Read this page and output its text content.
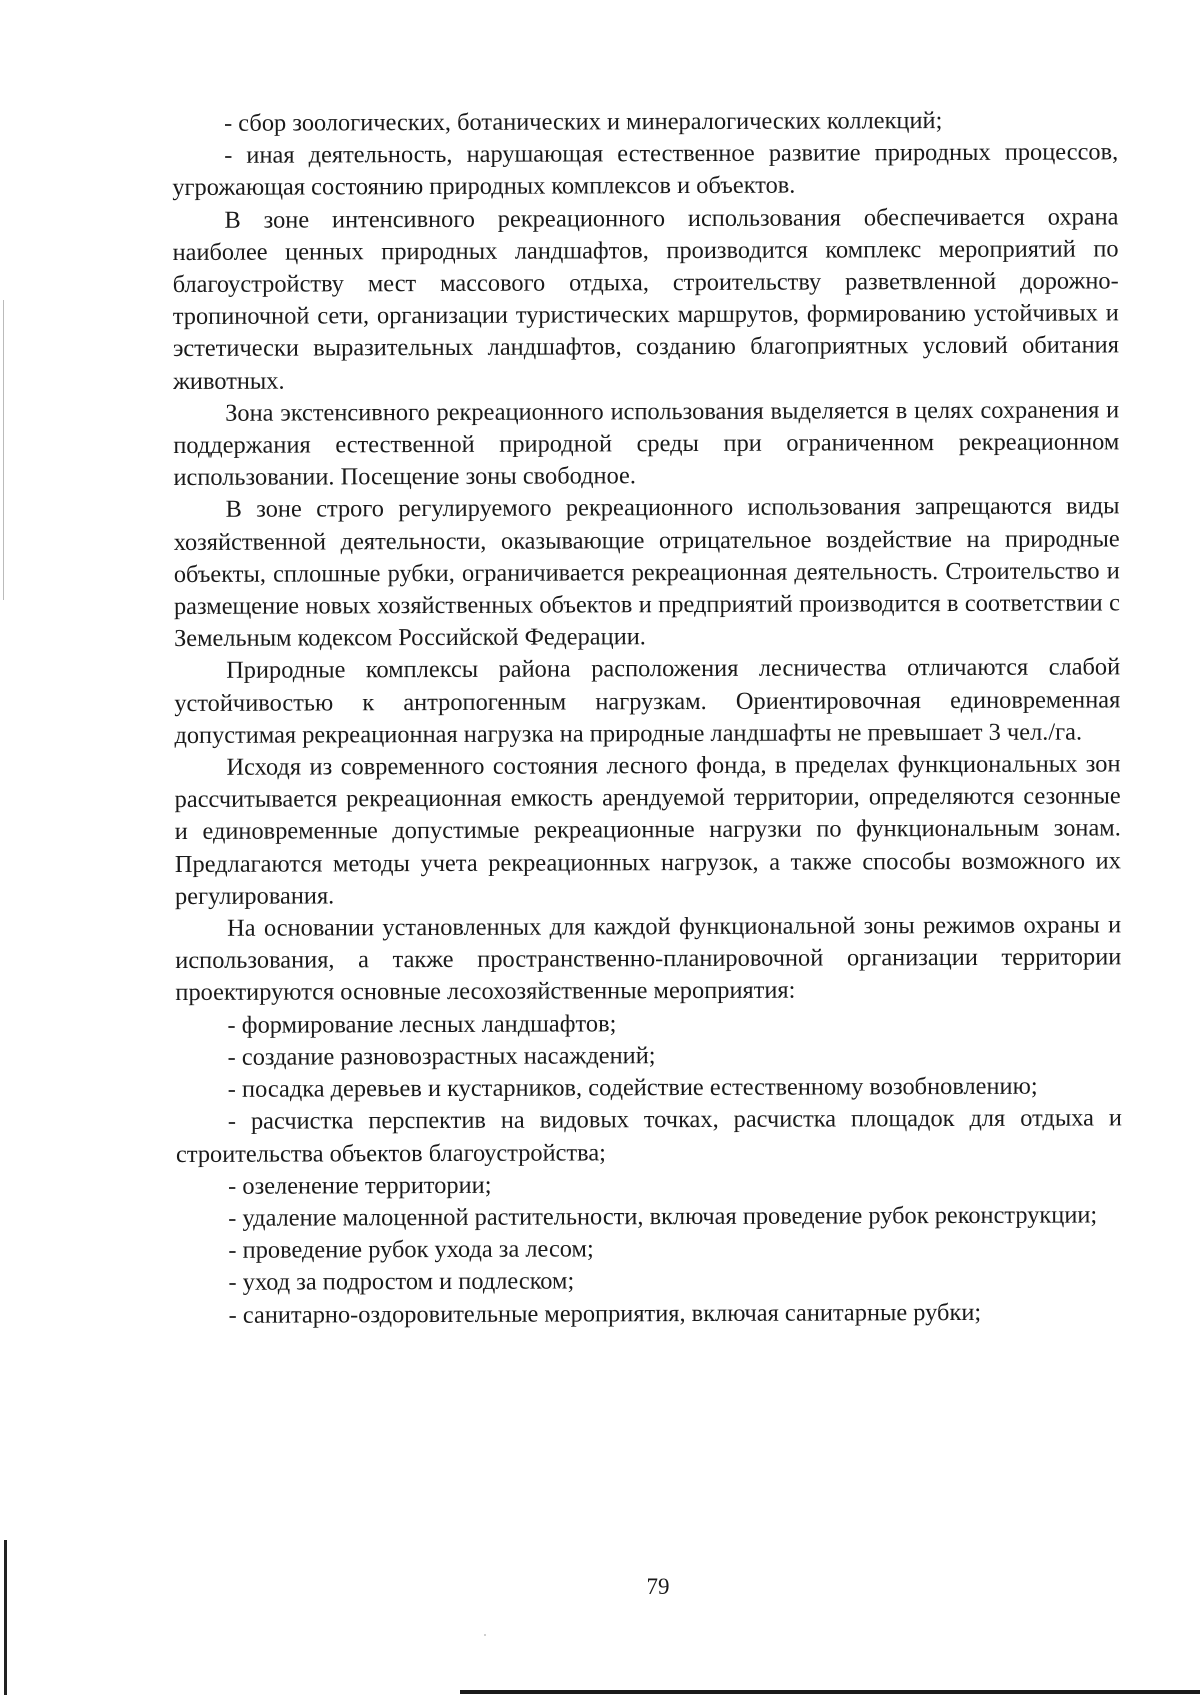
- сбор зоологических, ботанических и минералогических коллекций;

- иная деятельность, нарушающая естественное развитие природных процессов, угрожающая состоянию природных комплексов и объектов.

В зоне интенсивного рекреационного использования обеспечивается охрана наиболее ценных природных ландшафтов, производится комплекс мероприятий по благоустройству мест массового отдыха, строительству разветвленной дорожно-тропиночной сети, организации туристических маршрутов, формированию устойчивых и эстетически выразительных ландшафтов, созданию благоприятных условий обитания животных.

Зона экстенсивного рекреационного использования выделяется в целях сохранения и поддержания естественной природной среды при ограниченном рекреационном использовании. Посещение зоны свободное.

В зоне строго регулируемого рекреационного использования запрещаются виды хозяйственной деятельности, оказывающие отрицательное воздействие на природные объекты, сплошные рубки, ограничивается рекреационная деятельность. Строительство и размещение новых хозяйственных объектов и предприятий производится в соответствии с Земельным кодексом Российской Федерации.

Природные комплексы района расположения лесничества отличаются слабой устойчивостью к антропогенным нагрузкам. Ориентировочная единовременная допустимая рекреационная нагрузка на природные ландшафты не превышает 3 чел./га.

Исходя из современного состояния лесного фонда, в пределах функциональных зон рассчитывается рекреационная емкость арендуемой территории, определяются сезонные и единовременные допустимые рекреационные нагрузки по функциональным зонам. Предлагаются методы учета рекреационных нагрузок, а также способы возможного их регулирования.

На основании установленных для каждой функциональной зоны режимов охраны и использования, а также пространственно-планировочной организации территории проектируются основные лесохозяйственные мероприятия:

- формирование лесных ландшафтов;

- создание разновозрастных насаждений;

- посадка деревьев и кустарников, содействие естественному возобновлению;

- расчистка перспектив на видовых точках, расчистка площадок для отдыха и строительства объектов благоустройства;

- озеленение территории;

- удаление малоценной растительности, включая проведение рубок реконструкции;

- проведение рубок ухода за лесом;

- уход за подростом и подлеском;

- санитарно-оздоровительные мероприятия, включая санитарные рубки;

79
